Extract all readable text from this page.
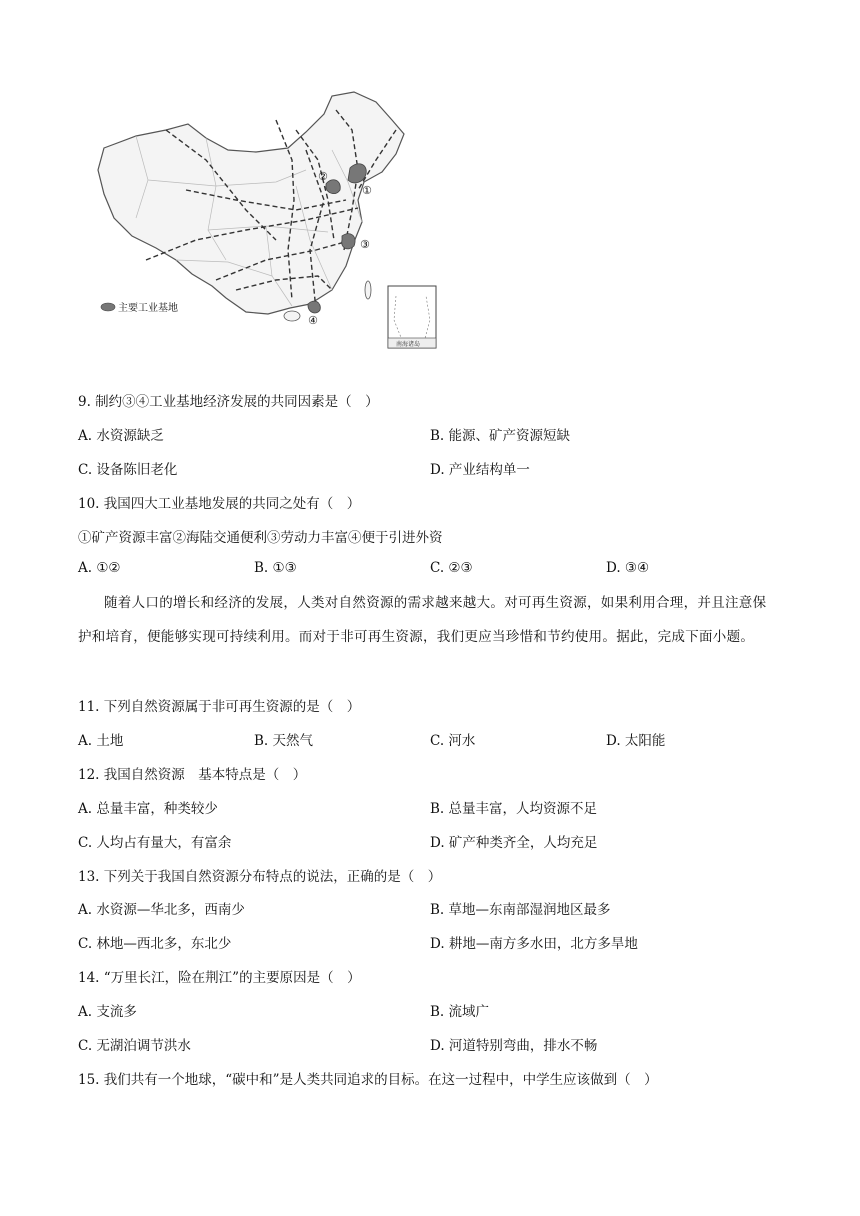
①
②
③
④
南海诸岛
主要工业基地
9. 制约③④工业基地经济发展的共同因素是（　）
A. 水资源缺乏	B. 能源、矿产资源短缺
C. 设备陈旧老化	D. 产业结构单一
10. 我国四大工业基地发展的共同之处有（　）
①矿产资源丰富②海陆交通便利③劳动力丰富④便于引进外资
A. ①②	B. ①③	C. ②③	D. ③④
随着人口的增长和经济的发展，人类对自然资源的需求越来越大。对可再生资源，如果利用合理，并且注意保护和培育，便能够实现可持续利用。而对于非可再生资源，我们更应当珍惜和节约使用。据此，完成下面小题。
11. 下列自然资源属于非可再生资源的是（　）
A. 土地	B. 天然气	C. 河水	D. 太阳能
12. 我国自然资源　基本特点是（　）
A. 总量丰富，种类较少	B. 总量丰富，人均资源不足
C. 人均占有量大，有富余	D. 矿产种类齐全，人均充足
13. 下列关于我国自然资源分布特点的说法，正确的是（　）
A. 水资源—华北多，西南少	B. 草地—东南部湿润地区最多
C. 林地—西北多，东北少	D. 耕地—南方多水田，北方多旱地
14. “万里长江，险在荆江”的主要原因是（　）
A. 支流多	B. 流域广
C. 无湖泊调节洪水	D. 河道特别弯曲，排水不畅
15. 我们共有一个地球，“碳中和”是人类共同追求的目标。在这一过程中，中学生应该做到（　）
